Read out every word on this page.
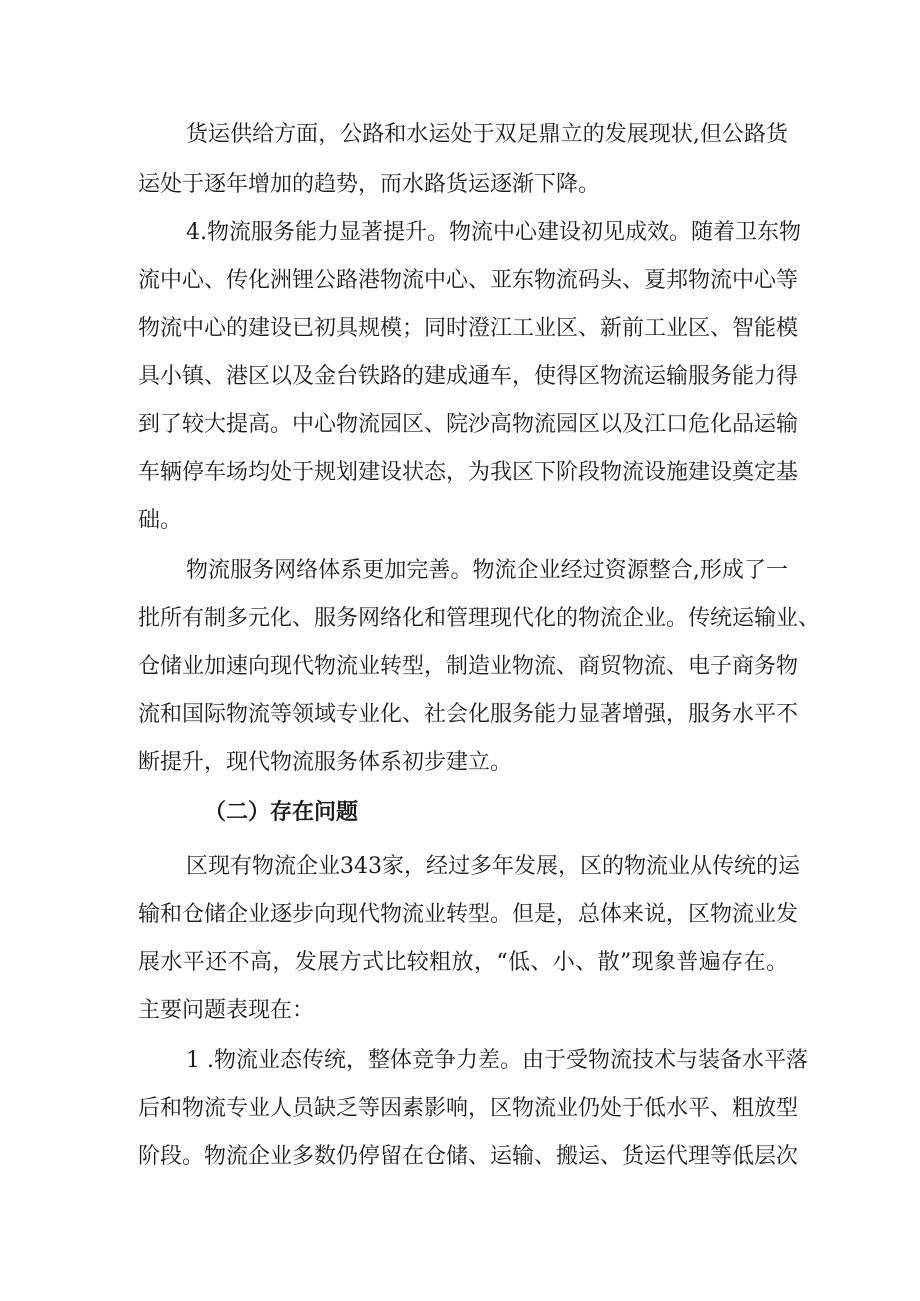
货运供给方面，公路和水运处于双足鼎立的发展现状,但公路货
运处于逐年增加的趋势，而水路货运逐渐下降。
4.物流服务能力显著提升。物流中心建设初见成效。随着卫东物
流中心、传化洲锂公路港物流中心、亚东物流码头、夏邦物流中心等
物流中心的建设已初具规模；同时澄江工业区、新前工业区、智能模
具小镇、港区以及金台铁路的建成通车，使得区物流运输服务能力得
到了较大提高。中心物流园区、院沙高物流园区以及江口危化品运输
车辆停车场均处于规划建设状态，为我区下阶段物流设施建设奠定基
础。
物流服务网络体系更加完善。物流企业经过资源整合,形成了一
批所有制多元化、服务网络化和管理现代化的物流企业。传统运输业、
仓储业加速向现代物流业转型，制造业物流、商贸物流、电子商务物
流和国际物流等领域专业化、社会化服务能力显著增强，服务水平不
断提升，现代物流服务体系初步建立。
（二）存在问题
区现有物流企业343家，经过多年发展，区的物流业从传统的运
输和仓储企业逐步向现代物流业转型。但是，总体来说，区物流业发
展水平还不高，发展方式比较粗放，“低、小、散”现象普遍存在。
主要问题表现在：
1 .物流业态传统，整体竞争力差。由于受物流技术与装备水平落
后和物流专业人员缺乏等因素影响，区物流业仍处于低水平、粗放型
阶段。物流企业多数仍停留在仓储、运输、搬运、货运代理等低层次
